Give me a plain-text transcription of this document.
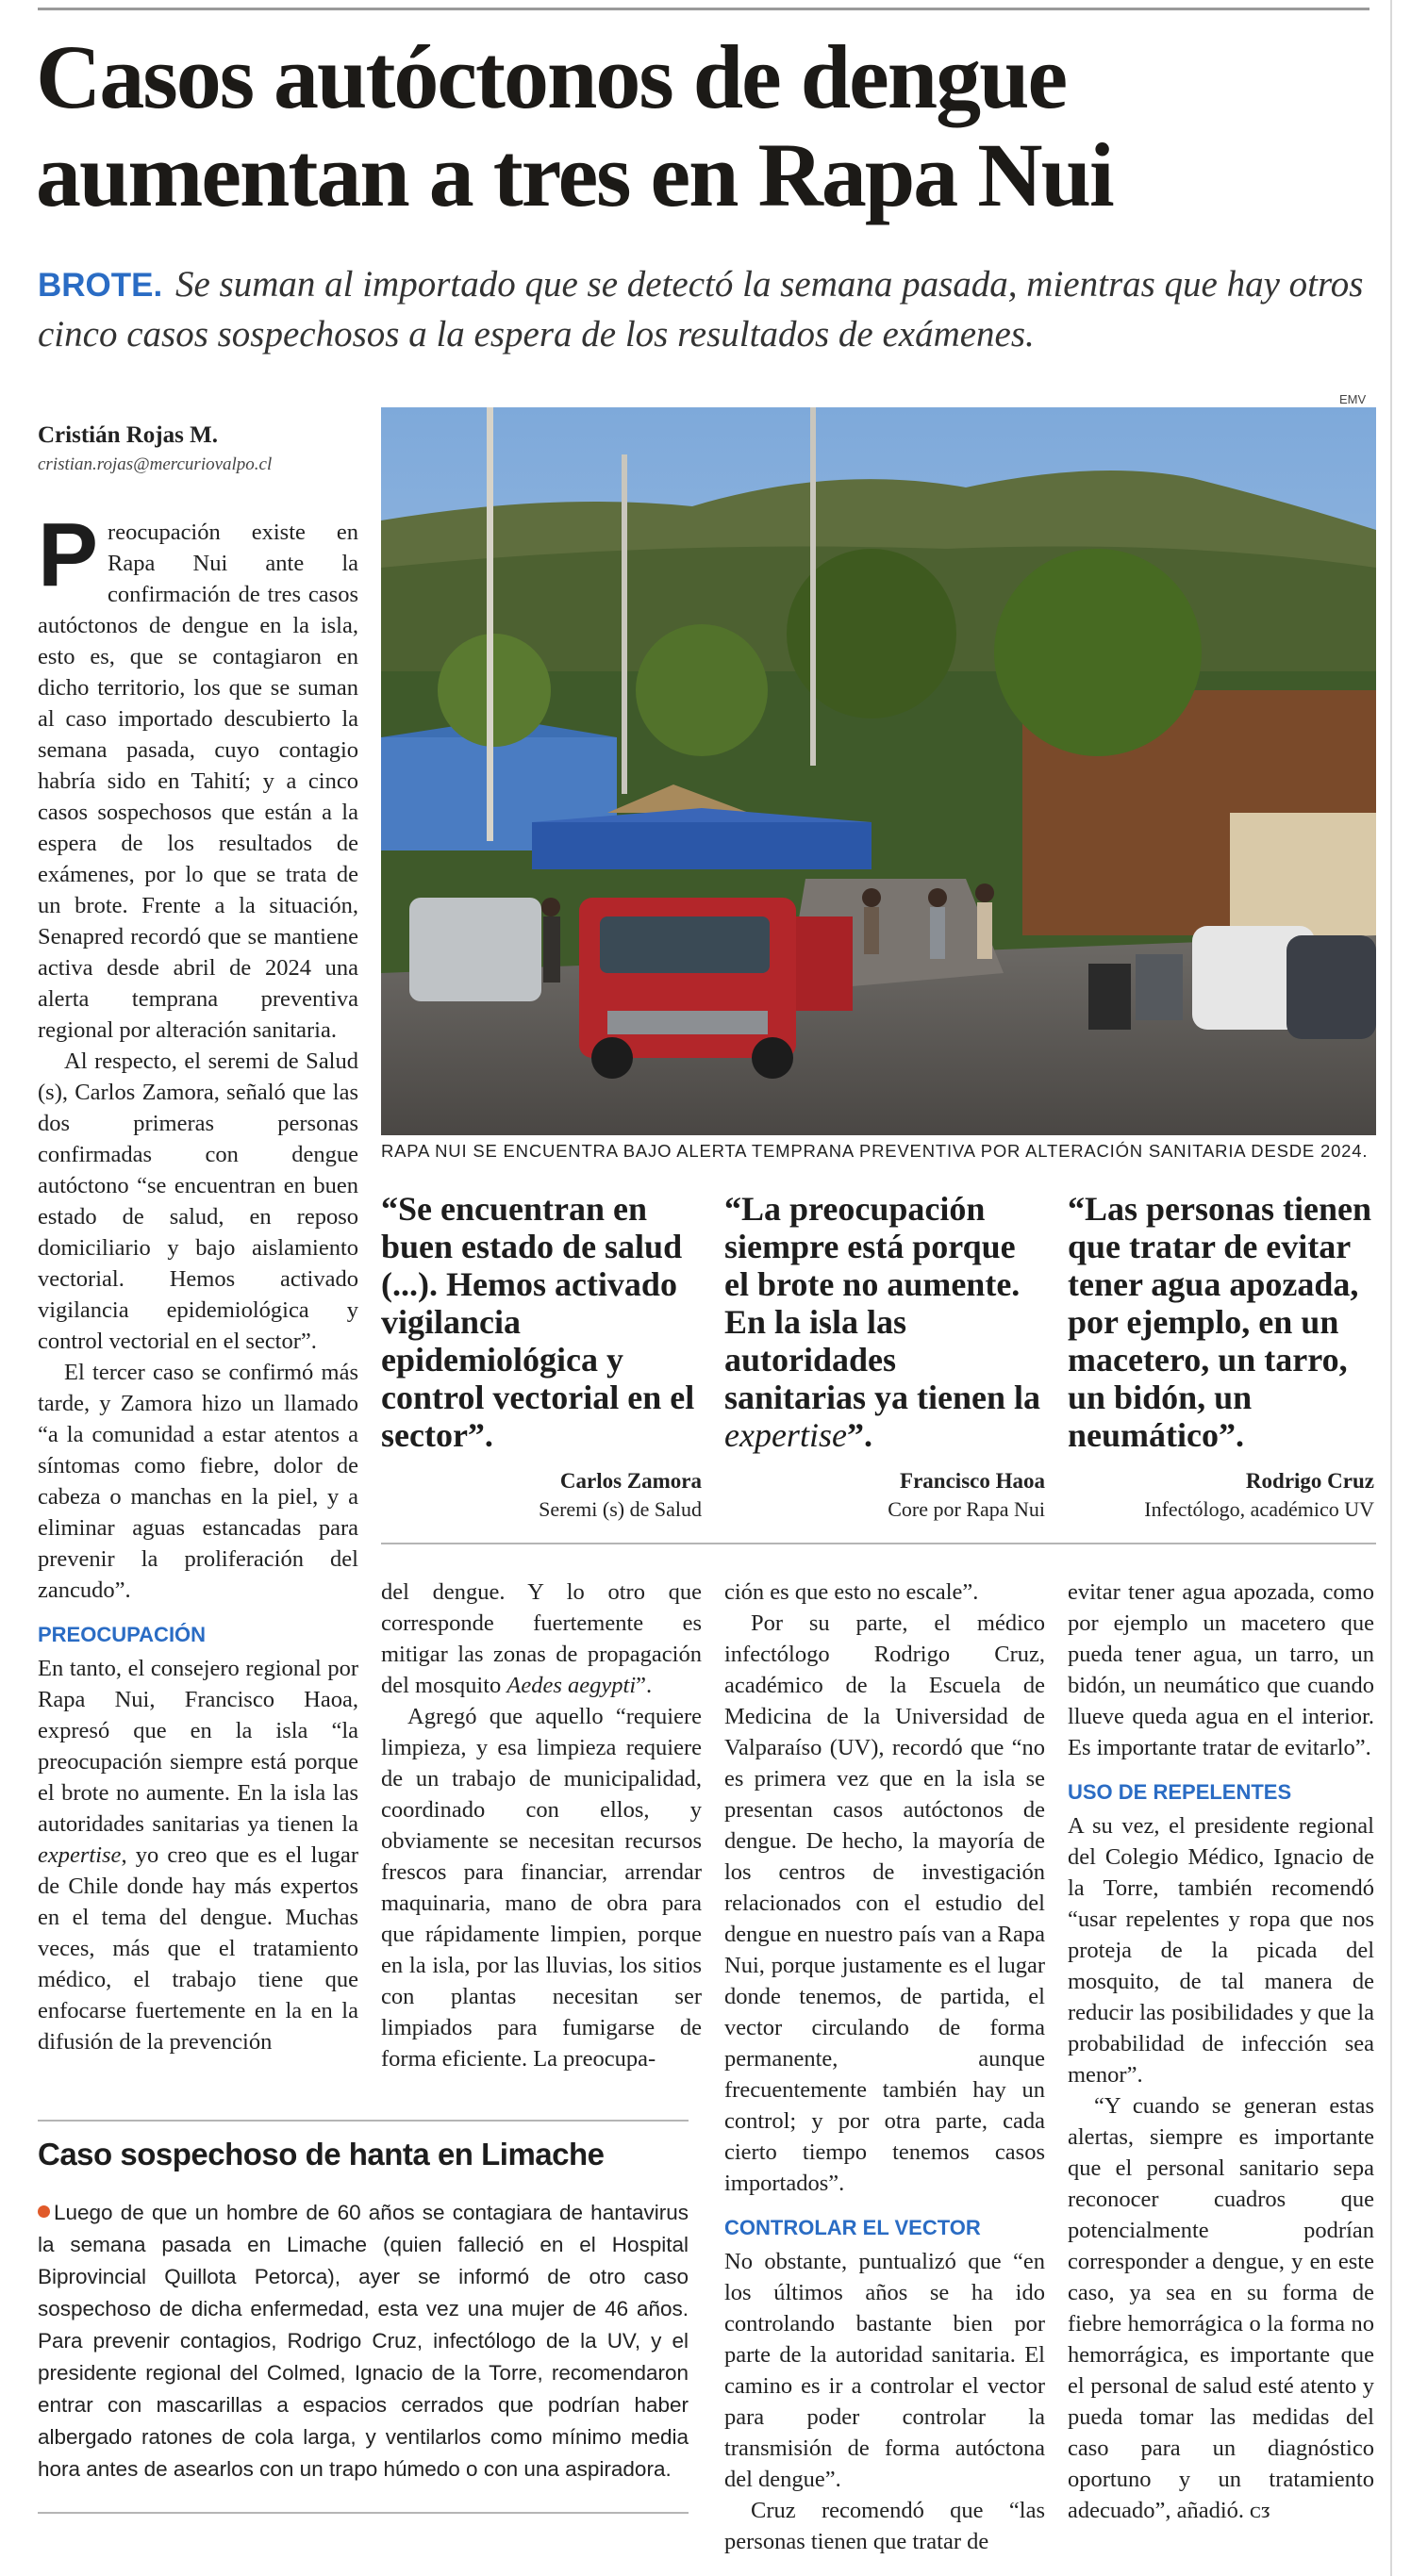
Casos autóctonos de dengue
aumentan a tres en Rapa Nui
BROTE. Se suman al importado que se detectó la semana pasada, mientras que hay otros cinco casos sospechosos a la espera de los resultados de exámenes.
Cristián Rojas M.
cristian.rojas@mercuriovalpo.cl

Preocupación existe en Rapa Nui ante la confirmación de tres casos autóctonos de dengue en la isla, esto es, que se contagiaron en dicho territorio, los que se suman al caso importado descubierto la semana pasada, cuyo contagio habría sido en Tahití; y a cinco casos sospechosos que están a la espera de los resultados de exámenes, por lo que se trata de un brote. Frente a la situación, Senapred recordó que se mantiene activa desde abril de 2024 una alerta temprana preventiva regional por alteración sanitaria.

Al respecto, el seremi de Salud (s), Carlos Zamora, señaló que las dos primeras personas confirmadas con dengue autóctono “se encuentran en buen estado de salud, en reposo domiciliario y bajo aislamiento vectorial. Hemos activado vigilancia epidemiológica y control vectorial en el sector”.

El tercer caso se confirmó más tarde, y Zamora hizo un llamado “a la comunidad a estar atentos a síntomas como fiebre, dolor de cabeza o manchas en la piel, y a eliminar aguas estancadas para prevenir la proliferación del zancudo”.

PREOCUPACIÓN

En tanto, el consejero regional por Rapa Nui, Francisco Haoa, expresó que en la isla “la preocupación siempre está porque el brote no aumente. En la isla las autoridades sanitarias ya tienen la expertise, yo creo que es el lugar de Chile donde hay más expertos en el tema del dengue. Muchas veces, más que el tratamiento médico, el trabajo tiene que enfocarse fuertemente en la en la difusión de la prevención

EMV
RAPA NUI SE ENCUENTRA BAJO ALERTA TEMPRANA PREVENTIVA POR ALTERACIÓN SANITARIA DESDE 2024.
“Se encuentran en buen estado de salud (...). Hemos activado vigilancia epidemiológica y control vectorial en el sector”.
Carlos Zamora
Seremi (s) de Salud
“La preocupación siempre está porque el brote no aumente. En la isla las autoridades sanitarias ya tienen la expertise”.
Francisco Haoa
Core por Rapa Nui
“Las personas tienen que tratar de evitar tener agua apozada, por ejemplo, en un macetero, un tarro, un bidón, un neumático”.
Rodrigo Cruz
Infectólogo, académico UV

del dengue. Y lo otro que corresponde fuertemente es mitigar las zonas de propagación del mosquito Aedes aegypti”.

Agregó que aquello “requiere limpieza, y esa limpieza requiere de un trabajo de municipalidad, coordinado con ellos, y obviamente se necesitan recursos frescos para financiar, arrendar maquinaria, mano de obra para que rápidamente limpien, porque en la isla, por las lluvias, los sitios con plantas necesitan ser limpiados para fumigarse de forma eficiente. La preocupa-

ción es que esto no escale”.

Por su parte, el médico infectólogo Rodrigo Cruz, académico de la Escuela de Medicina de la Universidad de Valparaíso (UV), recordó que “no es primera vez que en la isla se presentan casos autóctonos de dengue. De hecho, la mayoría de los centros de investigación relacionados con el estudio del dengue en nuestro país van a Rapa Nui, porque justamente es el lugar donde tenemos, de partida, el vector circulando de forma permanente, aunque frecuentemente también hay un control; y por otra parte, cada cierto tiempo tenemos casos importados”.

CONTROLAR EL VECTOR

No obstante, puntualizó que “en los últimos años se ha ido controlando bastante bien por parte de la autoridad sanitaria. El camino es ir a controlar el vector para poder controlar la transmisión de forma autóctona del dengue”.

Cruz recomendó que “las personas tienen que tratar de

evitar tener agua apozada, como por ejemplo un macetero que pueda tener agua, un tarro, un bidón, un neumático que cuando llueve queda agua en el interior. Es importante tratar de evitarlo”.

USO DE REPELENTES

A su vez, el presidente regional del Colegio Médico, Ignacio de la Torre, también recomendó “usar repelentes y ropa que nos proteja de la picada del mosquito, de tal manera de reducir las posibilidades y que la probabilidad de infección sea menor”.

“Y cuando se generan estas alertas, siempre es importante que el personal sanitario sepa reconocer cuadros que potencialmente podrían corresponder a dengue, y en este caso, ya sea en su forma de fiebre hemorrágica o la forma no hemorrágica, es importante que el personal de salud esté atento y pueda tomar las medidas del caso para un diagnóstico oportuno y un tratamiento adecuado”, añadió. ᴄᴣ

Caso sospechoso de hanta en Limache
Luego de que un hombre de 60 años se contagiara de hantavirus la semana pasada en Limache (quien falleció en el Hospital Biprovincial Quillota Petorca), ayer se informó de otro caso sospechoso de dicha enfermedad, esta vez una mujer de 46 años. Para prevenir contagios, Rodrigo Cruz, infectólogo de la UV, y el presidente regional del Colmed, Ignacio de la Torre, recomendaron entrar con mascarillas a espacios cerrados que podrían haber albergado ratones de cola larga, y ventilarlos como mínimo media hora antes de asearlos con un trapo húmedo o con una aspiradora.
